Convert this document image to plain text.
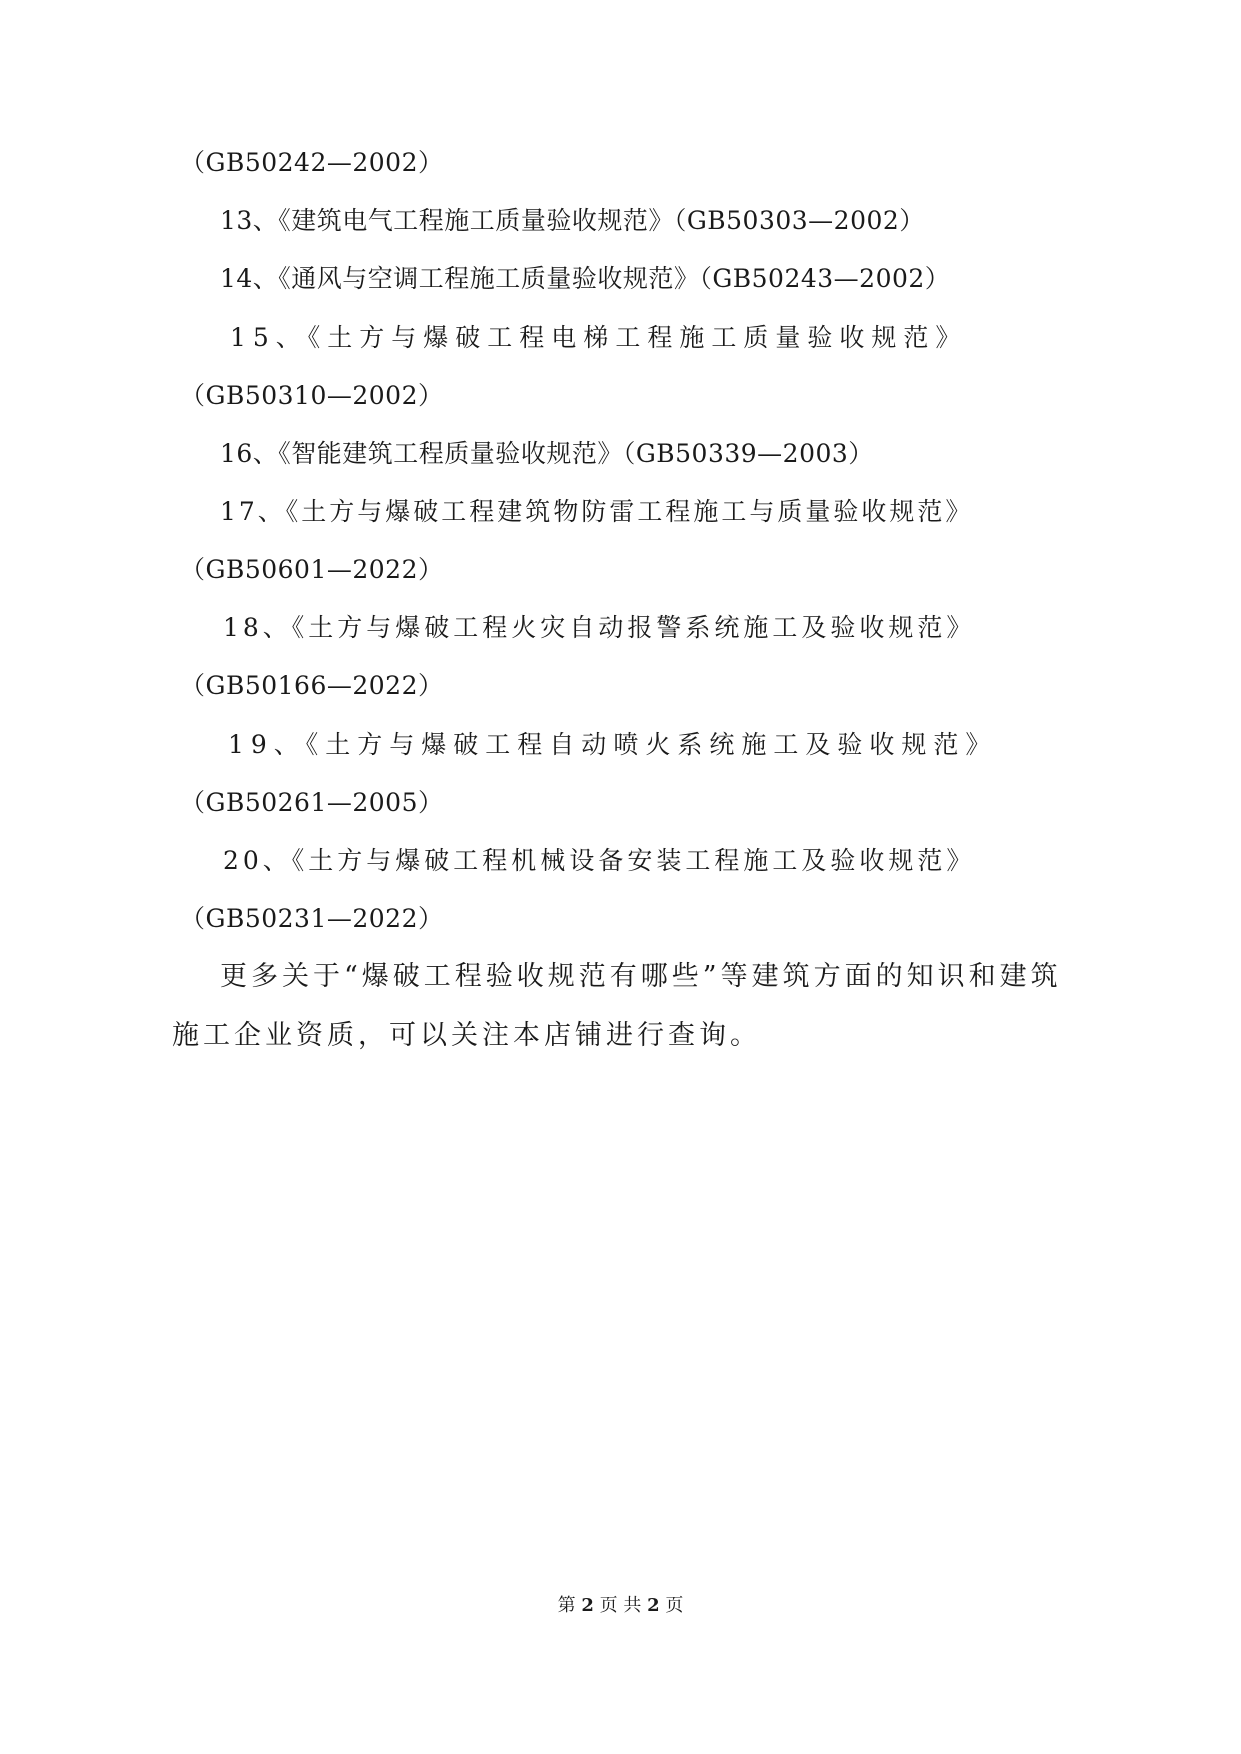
（GB50242—2002）
13、《建筑电气工程施工质量验收规范》（GB50303—2002）
14、《通风与空调工程施工质量验收规范》（GB50243—2002）
15、《土方与爆破工程电梯工程施工质量验收规范》
（GB50310—2002）
16、《智能建筑工程质量验收规范》（GB50339—2003）
17、《土方与爆破工程建筑物防雷工程施工与质量验收规范》
（GB50601—2022）
18、《土方与爆破工程火灾自动报警系统施工及验收规范》
（GB50166—2022）
19、《土方与爆破工程自动喷火系统施工及验收规范》
（GB50261—2005）
20、《土方与爆破工程机械设备安装工程施工及验收规范》
（GB50231—2022）
更多关于“爆破工程验收规范有哪些”等建筑方面的知识和建筑
施工企业资质，可以关注本店铺进行查询。
第 2 页 共 2 页
